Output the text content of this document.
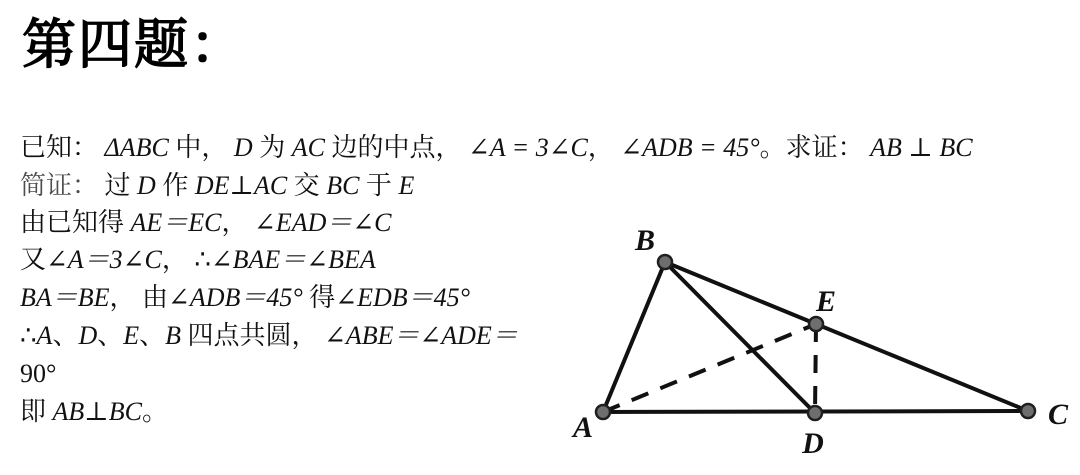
第四题：
已知： ΔABC 中， D 为 AC 边的中点， ∠A = 3∠C， ∠ADB = 45°。求证： AB ⊥ BC
简证： 过 D 作 DE⊥AC 交 BC 于 E
由已知得 AE＝EC， ∠EAD＝∠C
又∠A＝3∠C， ∴∠BAE＝∠BEA
BA＝BE， 由∠ADB＝45° 得∠EDB＝45°
∴A、D、E、B 四点共圆， ∠ABE＝∠ADE＝
90°
即 AB⊥BC。	A
B
C
D
E
